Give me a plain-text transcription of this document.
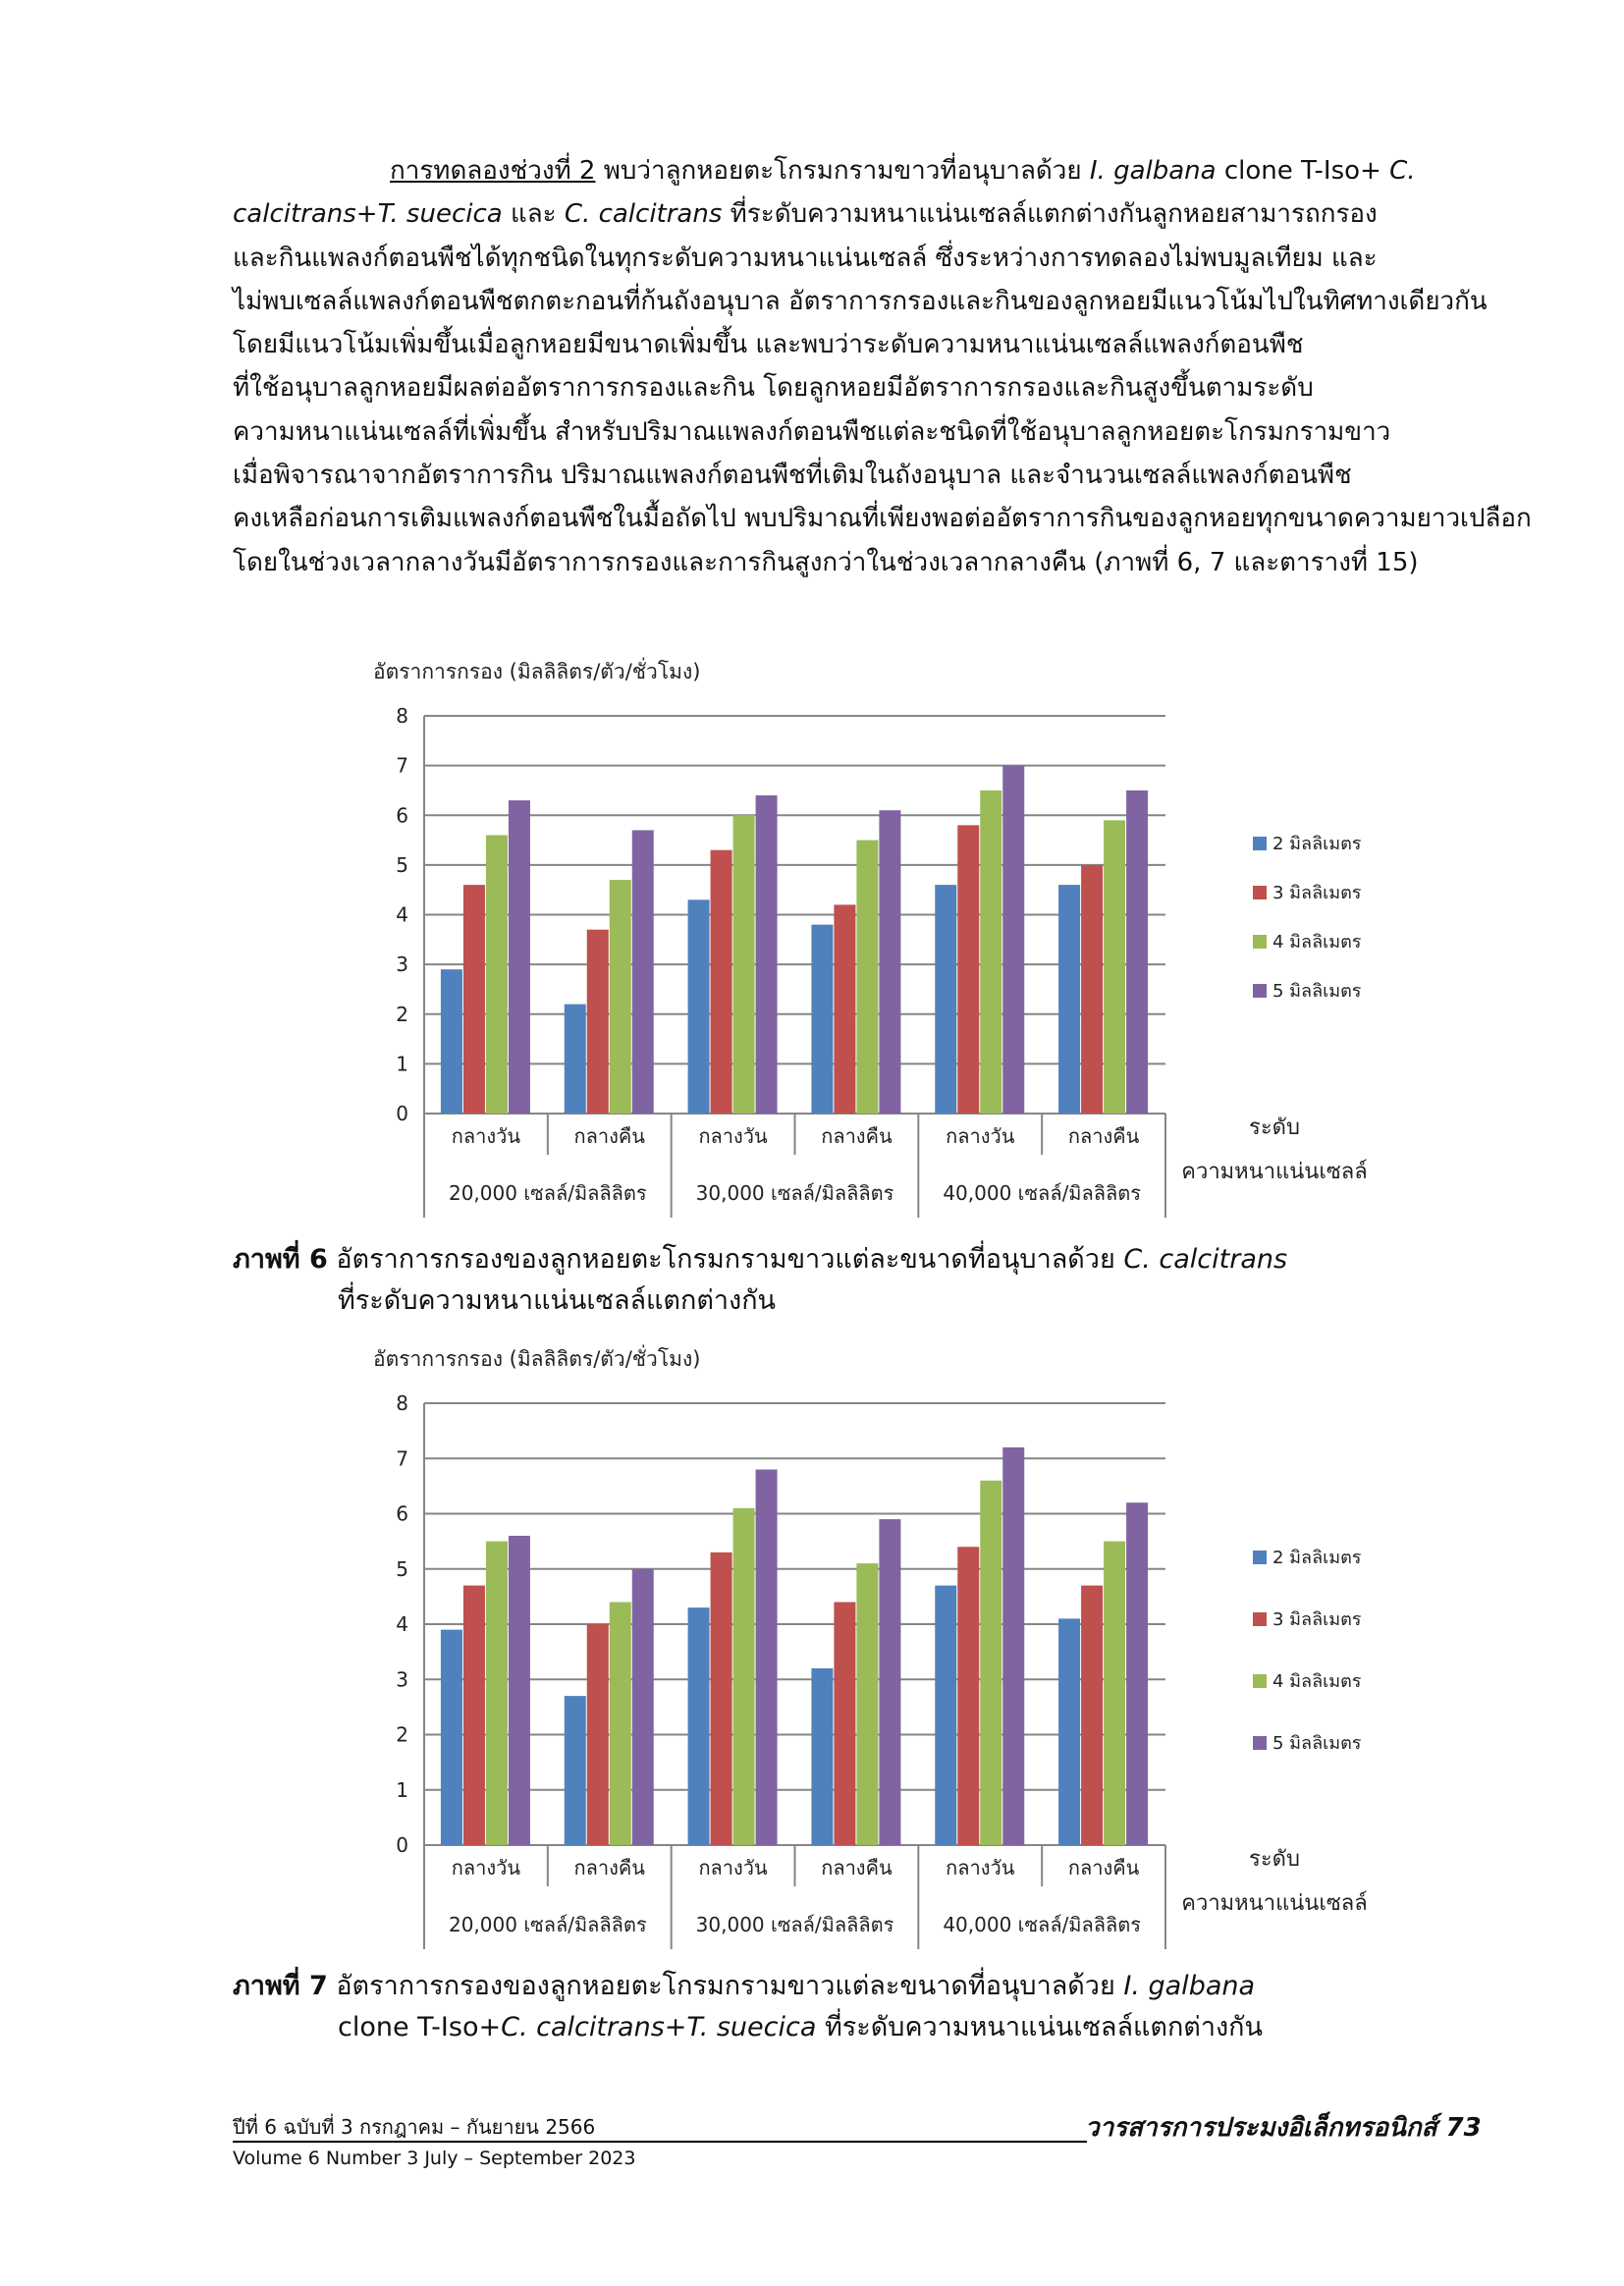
การทดลองช่วงที่ 2 พบว่าลูกหอยตะโกรมกรามขาวที่อนุบาลด้วย I. galbana clone T-Iso+ C.
calcitrans+T. suecica และ C. calcitrans ที่ระดับความหนาแน่นเซลล์แตกต่างกันลูกหอยสามารถกรอง
และกินแพลงก์ตอนพืชได้ทุกชนิดในทุกระดับความหนาแน่นเซลล์ ซึ่งระหว่างการทดลองไม่พบมูลเทียม และ
ไม่พบเซลล์แพลงก์ตอนพืชตกตะกอนที่ก้นถังอนุบาล อัตราการกรองและกินของลูกหอยมีแนวโน้มไปในทิศทางเดียวกัน
โดยมีแนวโน้มเพิ่มขึ้นเมื่อลูกหอยมีขนาดเพิ่มขึ้น และพบว่าระดับความหนาแน่นเซลล์แพลงก์ตอนพืช
ที่ใช้อนุบาลลูกหอยมีผลต่ออัตราการกรองและกิน โดยลูกหอยมีอัตราการกรองและกินสูงขึ้นตามระดับ
ความหนาแน่นเซลล์ที่เพิ่มขึ้น สำหรับปริมาณแพลงก์ตอนพืชแต่ละชนิดที่ใช้อนุบาลลูกหอยตะโกรมกรามขาว
เมื่อพิจารณาจากอัตราการกิน ปริมาณแพลงก์ตอนพืชที่เติมในถังอนุบาล และจำนวนเซลล์แพลงก์ตอนพืช
คงเหลือก่อนการเติมแพลงก์ตอนพืชในมื้อถัดไป พบปริมาณที่เพียงพอต่ออัตราการกินของลูกหอยทุกขนาดความยาวเปลือก
โดยในช่วงเวลากลางวันมีอัตราการกรองและการกินสูงกว่าในช่วงเวลากลางคืน (ภาพที่ 6, 7 และตารางที่ 15)
อัตราการกรอง (มิลลิลิตร/ตัว/ชั่วโมง)
0
1
2
3
4
5
6
7
8
กลางวัน	กลางคืน	กลางวัน	กลางคืน	กลางวัน	กลางคืน
20,000 เซลล์/มิลลิลิตร 30,000 เซลล์/มิลลิลิตร 40,000 เซลล์/มิลลิลิตร
ระดับ
ความหนาแน่นเซลล์
2 มิลลิเมตร
3 มิลลิเมตร
4 มิลลิเมตร
5 มิลลิเมตร
ภาพที่ 6 อัตราการกรองของลูกหอยตะโกรมกรามขาวแต่ละขนาดที่อนุบาลด้วย C. calcitrans
ที่ระดับความหนาแน่นเซลล์แตกต่างกัน
อัตราการกรอง (มิลลิลิตร/ตัว/ชั่วโมง)
0
1
2
3
4
5
6
7
8
กลางวัน	กลางคืน	กลางวัน	กลางคืน	กลางวัน	กลางคืน
20,000 เซลล์/มิลลิลิตร 30,000 เซลล์/มิลลิลิตร 40,000 เซลล์/มิลลิลิตร
ระดับ
ความหนาแน่นเซลล์
2 มิลลิเมตร
3 มิลลิเมตร
4 มิลลิเมตร
5 มิลลิเมตร
ภาพที่ 7 อัตราการกรองของลูกหอยตะโกรมกรามขาวแต่ละขนาดที่อนุบาลด้วย I. galbana
clone T-Iso+C. calcitrans+T. suecica ที่ระดับความหนาแน่นเซลล์แตกต่างกัน
ปีที่ 6 ฉบับที่ 3 กรกฎาคม – กันยายน 2566
Volume 6 Number 3 July – September 2023
วารสารการประมงอิเล็กทรอนิกส์ 73
